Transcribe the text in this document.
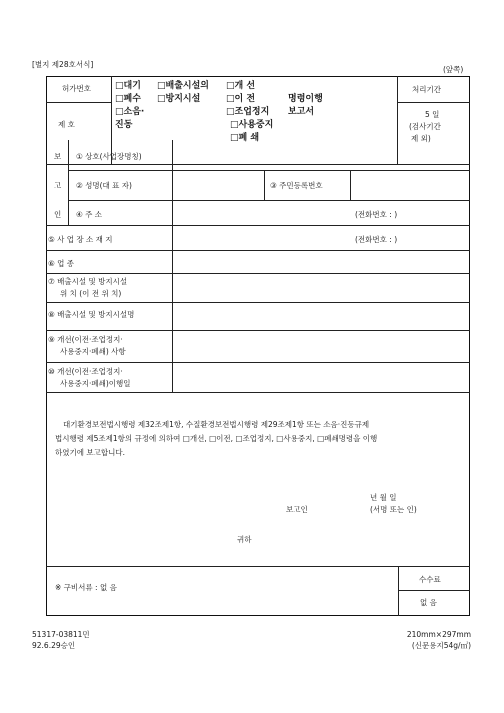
[별지 제28호서식]
(앞쪽)
허가번호
제 호
□대기
□폐수
□소음·
진동
□배출시설의
□방지시설
□개 선
□이 전
□조업정지
□사용중지
□폐 쇄
명령이행
보고서
처리기간
5 일
(검사기간
제 외)
보
고
인
① 상호(사업장명칭)
② 성명(대 표 자)	③ 주민등록번호
④ 주 소	(전화번호 : )
⑤ 사 업 장 소 재 지	(전화번호 : )
⑥ 업 종
⑦ 배출시설 및 방지시설
위 치 (이 전 위 치)
⑧ 배출시설 및 방지시설명
⑨ 개선(이전·조업정지·
사용중지·폐쇄) 사항
⑩ 개선(이전·조업정지·
사용중지·폐쇄)이행일
대기환경보전법시행령 제32조제1항, 수질환경보전법시행령 제29조제1항 또는 소음·진동규제
법시행령 제5조제1항의 규정에 의하여 □개선, □이전, □조업정지, □사용중지, □폐쇄명령을 이행
하였기에 보고합니다.
년 월 일
보고인	(서명 또는 인)
귀하
※ 구비서류 : 없 음
수수료
없 음
51317-03811민
92.6.29승인
210mm×297mm
(신문용지54g/㎡)
